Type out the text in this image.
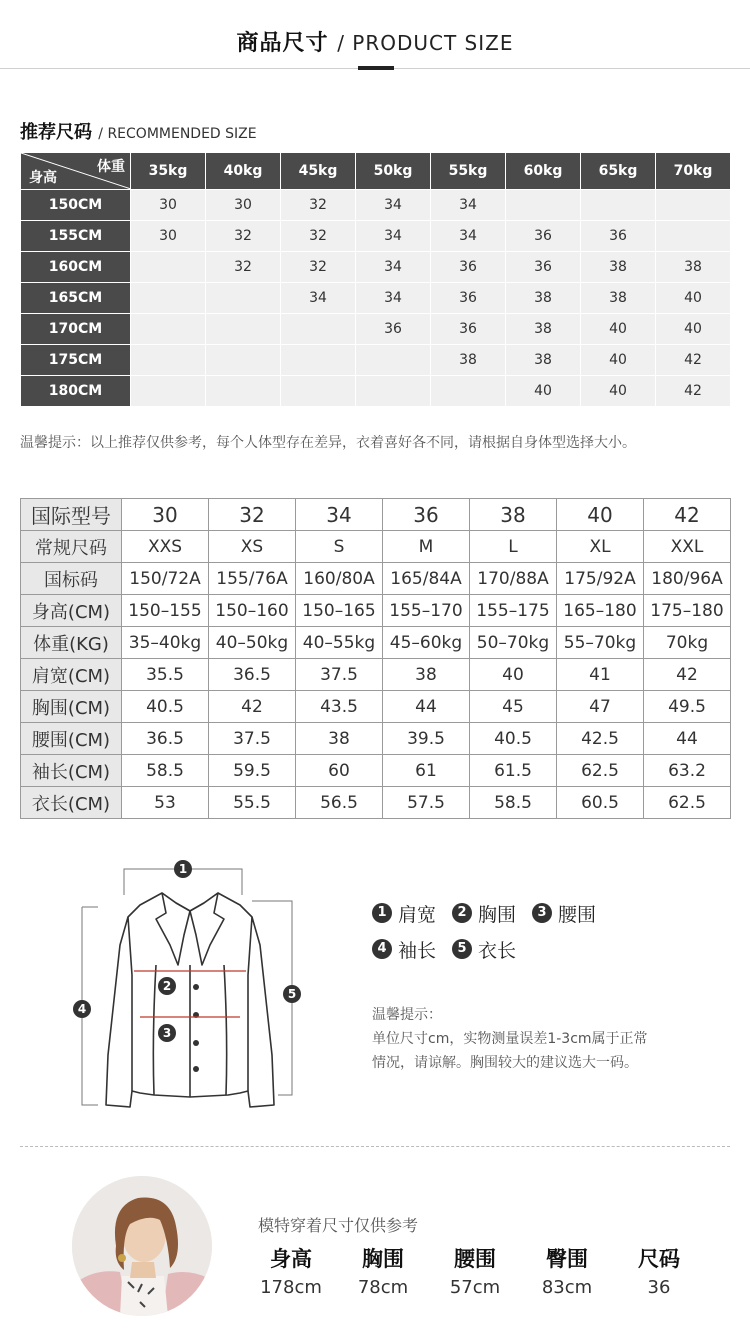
商品尺寸 / PRODUCT SIZE
推荐尺码 / RECOMMENDED SIZE
体重
身高	35kg	40kg	45kg	50kg	55kg	60kg	65kg	70kg
150CM	30	30	32	34	34			
155CM	30	32	32	34	34	36	36	
160CM		32	32	34	36	36	38	38
165CM			34	34	36	38	38	40
170CM				36	36	38	40	40
175CM					38	38	40	42
180CM						40	40	42
温馨提示：以上推荐仅供参考，每个人体型存在差异，衣着喜好各不同，请根据自身体型选择大小。
国际型号	30	32	34	36	38	40	42
常规尺码	XXS	XS	S	M	L	XL	XXL
国标码	150/72A	155/76A	160/80A	165/84A	170/88A	175/92A	180/96A
身高(CM)	150–155	150–160	150–165	155–170	155–175	165–180	175–180
体重(KG)	35–40kg	40–50kg	40–55kg	45–60kg	50–70kg	55–70kg	70kg
肩宽(CM)	35.5	36.5	37.5	38	40	41	42
胸围(CM)	40.5	42	43.5	44	45	47	49.5
腰围(CM)	36.5	37.5	38	39.5	40.5	42.5	44
袖长(CM)	58.5	59.5	60	61	61.5	62.5	63.2
衣长(CM)	53	55.5	56.5	57.5	58.5	60.5	62.5
1
2
3
4
5
1 肩宽	2 胸围	3 腰围
4 袖长	5 衣长
温馨提示：
单位尺寸cm，实物测量误差1-3cm属于正常
情况，请谅解。胸围较大的建议选大一码。
模特穿着尺寸仅供参考
身高
178cm
胸围
78cm
腰围
57cm
臀围
83cm
尺码
36
